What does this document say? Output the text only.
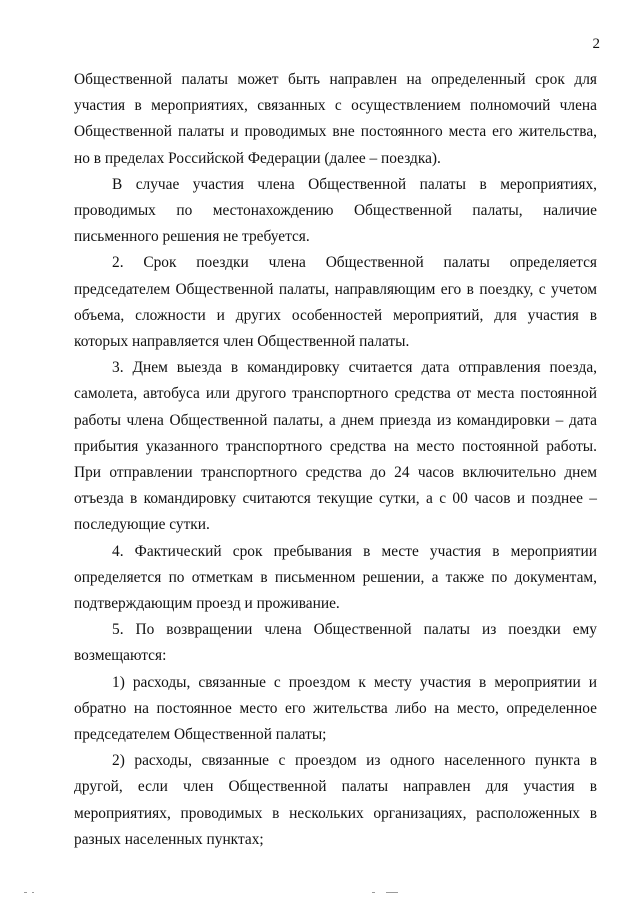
2

Общественной палаты может быть направлен на определенный срок для участия в мероприятиях, связанных с осуществлением полномочий члена Общественной палаты и проводимых вне постоянного места его жительства, но в пределах Российской Федерации (далее – поездка).

В случае участия члена Общественной палаты в мероприятиях, проводимых по местонахождению Общественной палаты, наличие письменного решения не требуется.

2. Срок поездки члена Общественной палаты определяется председателем Общественной палаты, направляющим его в поездку, с учетом объема, сложности и других особенностей мероприятий, для участия в которых направляется член Общественной палаты.

3. Днем выезда в командировку считается дата отправления поезда, самолета, автобуса или другого транспортного средства от места постоянной работы члена Общественной палаты, а днем приезда из командировки – дата прибытия указанного транспортного средства на место постоянной работы. При отправлении транспортного средства до 24 часов включительно днем отъезда в командировку считаются текущие сутки, а с 00 часов и позднее – последующие сутки.

4. Фактический срок пребывания в месте участия в мероприятии определяется по отметкам в письменном решении, а также по документам, подтверждающим проезд и проживание.

5. По возвращении члена Общественной палаты из поездки ему возмещаются:

1) расходы, связанные с проездом к месту участия в мероприятии и обратно на постоянное место его жительства либо на место, определенное председателем Общественной палаты;

2) расходы, связанные с проездом из одного населенного пункта в другой, если член Общественной палаты направлен для участия в мероприятиях, проводимых в нескольких организациях, расположенных в разных населенных пунктах;
